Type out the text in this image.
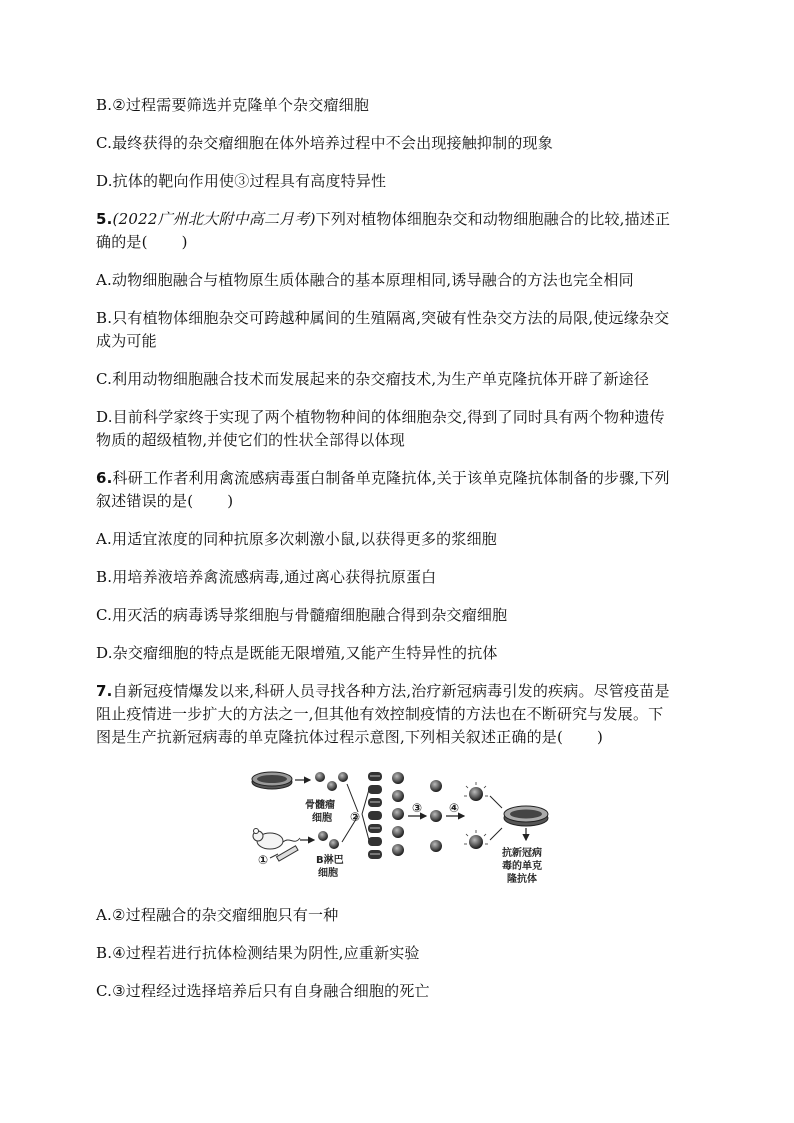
B.②过程需要筛选并克隆单个杂交瘤细胞
C.最终获得的杂交瘤细胞在体外培养过程中不会出现接触抑制的现象
D.抗体的靶向作用使③过程具有高度特异性
5.(2022广州北大附中高二月考)下列对植物体细胞杂交和动物细胞融合的比较,描述正
确的是( )
A.动物细胞融合与植物原生质体融合的基本原理相同,诱导融合的方法也完全相同
B.只有植物体细胞杂交可跨越种属间的生殖隔离,突破有性杂交方法的局限,使远缘杂交
成为可能
C.利用动物细胞融合技术而发展起来的杂交瘤技术,为生产单克隆抗体开辟了新途径
D.目前科学家终于实现了两个植物物种间的体细胞杂交,得到了同时具有两个物种遗传
物质的超级植物,并使它们的性状全部得以体现
6.科研工作者利用禽流感病毒蛋白制备单克隆抗体,关于该单克隆抗体制备的步骤,下列
叙述错误的是( )
A.用适宜浓度的同种抗原多次刺激小鼠,以获得更多的浆细胞
B.用培养液培养禽流感病毒,通过离心获得抗原蛋白
C.用灭活的病毒诱导浆细胞与骨髓瘤细胞融合得到杂交瘤细胞
D.杂交瘤细胞的特点是既能无限增殖,又能产生特异性的抗体
7.自新冠疫情爆发以来,科研人员寻找各种方法,治疗新冠病毒引发的疾病。尽管疫苗是
阻止疫情进一步扩大的方法之一,但其他有效控制疫情的方法也在不断研究与发展。下
图是生产抗新冠病毒的单克隆抗体过程示意图,下列相关叙述正确的是( )
骨髓瘤
细胞
①	B淋巴
细胞
②
③ ④
抗新冠病
毒的单克
隆抗体
A.②过程融合的杂交瘤细胞只有一种
B.④过程若进行抗体检测结果为阴性,应重新实验
C.③过程经过选择培养后只有自身融合细胞的死亡
